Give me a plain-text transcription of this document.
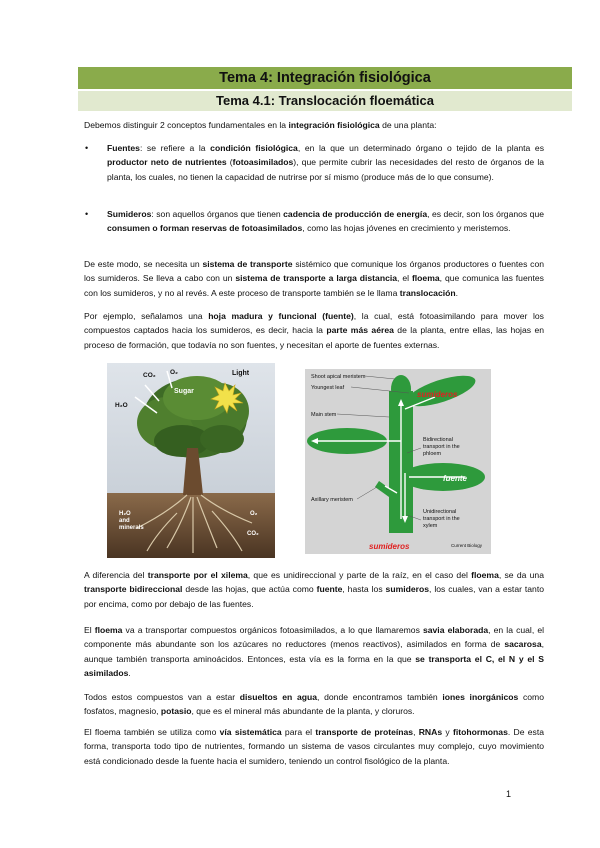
Tema 4: Integración fisiológica
Tema 4.1: Translocación floemática

Debemos distinguir 2 conceptos fundamentales en la integración fisiológica de una planta:

• Fuentes: se refiere a la condición fisiológica, en la que un determinado órgano o tejido de la planta es productor neto de nutrientes (fotoasimilados), que permite cubrir las necesidades del resto de órganos de la planta, los cuales, no tienen la capacidad de nutrirse por sí mismo (produce más de lo que consume).

• Sumideros: son aquellos órganos que tienen cadencia de producción de energía, es decir, son los órganos que consumen o forman reservas de fotoasimilados, como las hojas jóvenes en crecimiento y meristemos.

De este modo, se necesita un sistema de transporte sistémico que comunique los órganos productores o fuentes con los sumideros. Se lleva a cabo con un sistema de transporte a larga distancia, el floema, que comunica las fuentes con los sumideros, y no al revés. A este proceso de transporte también se le llama translocación.

Por ejemplo, señalamos una hoja madura y funcional (fuente), la cual, está fotoasimilando para mover los compuestos captados hacia los sumideros, es decir, hacia la parte más aérea de la planta, entre ellas, las hojas en proceso de formación, que todavía no son fuentes, y necesitan el aporte de fuentes externas.

CO₂ O₂	Light
H₂O
Sugar
H₂O
and
minerals
O₂
CO₂
Shoot apical meristem
Youngest leaf
sumideros
Main stem
Bidirectional
transport in the
phloem
fuente
Axillary meristem
Unidirectional
transport in the
xylem
sumideros	Current Biology

A diferencia del transporte por el xilema, que es unidireccional y parte de la raíz, en el caso del floema, se da una transporte bidireccional desde las hojas, que actúa como fuente, hasta los sumideros, los cuales, van a estar tanto por encima, como por debajo de las fuentes.

El floema va a transportar compuestos orgánicos fotoasimilados, a lo que llamaremos savia elaborada, en la cual, el componente más abundante son los azúcares no reductores (menos reactivos), asimilados en forma de sacarosa, aunque también transporta aminoácidos. Entonces, esta vía es la forma en la que se transporta el C, el N y el S asimilados.

Todos estos compuestos van a estar disueltos en agua, donde encontramos también iones inorgánicos como fosfatos, magnesio, potasio, que es el mineral más abundante de la planta, y cloruros.

El floema también se utiliza como vía sistemática para el transporte de proteínas, RNAs y fitohormonas. De esta forma, transporta todo tipo de nutrientes, formando un sistema de vasos circulantes muy complejo, cuyo movimiento está condicionado desde la fuente hacia el sumidero, teniendo un control fisológico de la planta.

1
